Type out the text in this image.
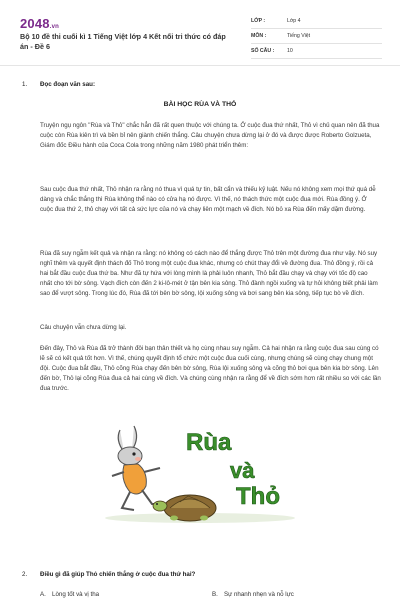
2048.vn
Bộ 10 đề thi cuối kì 1 Tiếng Việt lớp 4 Kết nối tri thức có đáp án - Đề 6
LỚP :	Lớp 4
MÔN :	Tiếng Việt
SỐ CÂU :	10
1. Đọc đoạn văn sau:
BÀI HỌC RÙA VÀ THỎ
Truyện ngụ ngôn "Rùa và Thỏ" chắc hẳn đã rất quen thuộc với chúng ta. Ở cuộc đua thứ nhất, Thỏ vì chủ quan nên đã thua cuộc còn Rùa kiên trì và bền bỉ nên giành chiến thắng. Câu chuyện chưa dừng lại ở đó và được được Roberto Golzueta, Giám đốc Điều hành của Coca Cola trong những năm 1980 phát triển thêm:
Sau cuộc đua thứ nhất, Thỏ nhận ra rằng nó thua vì quá tự tin, bất cẩn và thiếu kỷ luật. Nếu nó không xem mọi thứ quá dễ dàng và chắc thắng thì Rùa không thể nào có cửa hạ nó được. Vì thế, nó thách thức một cuộc đua mới. Rùa đồng ý. Ở cuộc đua thứ 2, thỏ chạy với tất cả sức lực của nó và chạy liên một mạch về đích. Nó bỏ xa Rùa đến mấy dặm đường.
Rùa đã suy ngẫm kết quả và nhận ra rằng: nó không có cách nào để thắng được Thỏ trên một đường đua như vậy. Nó suy nghĩ thêm và quyết định thách đố Thỏ trong một cuộc đua khác, nhưng có chút thay đổi về đường đua. Thỏ đồng ý, rồi cả hai bắt đầu cuộc đua thứ ba. Như đã tự hứa với lòng mình là phải luôn nhanh, Thỏ bắt đầu chạy và chạy với tốc độ cao nhất cho tới bờ sông. Vạch đích còn đến 2 ki-lô-mét ở tận bên kia sông. Thỏ đành ngồi xuống và tự hỏi không biết phải làm sao để vượt sông. Trong lúc đó, Rùa đã tới bên bờ sông, lội xuống sông và bơi sang bên kia sông, tiếp tục bò về đích.
Câu chuyện vẫn chưa dừng lại.
Đến đây, Thỏ và Rùa đã trở thành đôi bạn thân thiết và họ cùng nhau suy ngẫm. Cả hai nhận ra rằng cuộc đua sau cùng có lẽ sẽ có kết quả tốt hơn. Vì thế, chúng quyết định tổ chức một cuộc đua cuối cùng, nhưng chúng sẽ cùng chạy chung một đội. Cuộc đua bắt đầu, Thỏ cõng Rùa chạy đến bên bờ sông, Rùa lội xuống sông và cõng thỏ bơi qua bên kia bờ sông. Lên đến bờ, Thỏ lại cõng Rùa đua cả hai cùng về đích. Và chúng cùng nhận ra rằng để về đích sớm hơn rất nhiều so với các lần đua trước.
Rùa
và
Thỏ
2. Điều gì đã giúp Thỏ chiến thắng ở cuộc đua thứ hai?
A. Lòng tốt và vị tha	B. Sự nhanh nhẹn và nỗ lực
